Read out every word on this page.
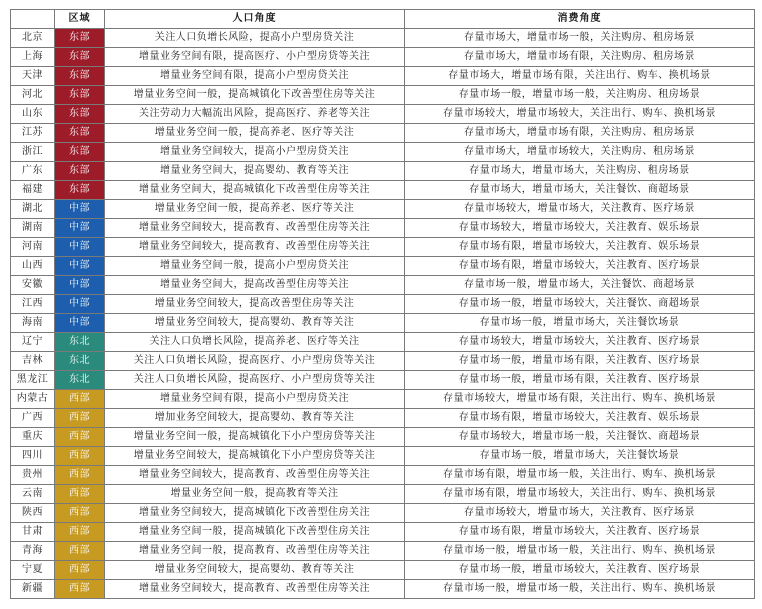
	区域	人口角度	消费角度
北京	东部	关注人口负增长风险，提高小户型房贷关注	存量市场大，增量市场一般，关注购房、租房场景
上海	东部	增量业务空间有限，提高医疗、小户型房贷等关注	存量市场大，增量市场有限，关注购房、租房场景
天津	东部	增量业务空间有限，提高小户型房贷关注	存量市场大，增量市场有限，关注出行、购车、换机场景
河北	东部	增量业务空间一般，提高城镇化下改善型住房等关注	存量市场一般，增量市场一般，关注购房、租房场景
山东	东部	关注劳动力大幅流出风险，提高医疗、养老等关注	存量市场较大，增量市场较大，关注出行、购车、换机场景
江苏	东部	增量业务空间一般，提高养老、医疗等关注	存量市场大，增量市场有限，关注购房、租房场景
浙江	东部	增量业务空间较大，提高小户型房贷关注	存量市场大，增量市场较大，关注购房、租房场景
广东	东部	增量业务空间大，提高婴幼、教育等关注	存量市场大，增量市场大，关注购房、租房场景
福建	东部	增量业务空间大，提高城镇化下改善型住房等关注	存量市场大，增量市场大，关注餐饮、商超场景
湖北	中部	增量业务空间一般，提高养老、医疗等关注	存量市场较大，增量市场大，关注教育、医疗场景
湖南	中部	增量业务空间较大，提高教育、改善型住房等关注	存量市场较大，增量市场较大，关注教育、娱乐场景
河南	中部	增量业务空间较大，提高教育、改善型住房等关注	存量市场有限，增量市场较大，关注教育、娱乐场景
山西	中部	增量业务空间一般，提高小户型房贷关注	存量市场有限，增量市场较大，关注教育、医疗场景
安徽	中部	增量业务空间大，提高改善型住房等关注	存量市场一般，增量市场大，关注餐饮、商超场景
江西	中部	增量业务空间较大，提高改善型住房等关注	存量市场一般，增量市场较大，关注餐饮、商超场景
海南	中部	增量业务空间较大，提高婴幼、教育等关注	存量市场一般，增量市场大，关注餐饮场景
辽宁	东北	关注人口负增长风险，提高养老、医疗等关注	存量市场较大，增量市场较大，关注教育、医疗场景
吉林	东北	关注人口负增长风险，提高医疗、小户型房贷等关注	存量市场一般，增量市场有限，关注教育、医疗场景
黑龙江	东北	关注人口负增长风险，提高医疗、小户型房贷等关注	存量市场一般，增量市场有限，关注教育、医疗场景
内蒙古	西部	增量业务空间有限，提高小户型房贷关注	存量市场较大，增量市场有限，关注出行、购车、换机场景
广西	西部	增加业务空间较大，提高婴幼、教育等关注	存量市场有限，增量市场较大，关注教育、娱乐场景
重庆	西部	增量业务空间一般，提高城镇化下小户型房贷等关注	存量市场较大，增量市场一般，关注餐饮、商超场景
四川	西部	增量业务空间较大，提高城镇化下小户型房贷等关注	存量市场一般，增量市场大，关注餐饮场景
贵州	西部	增量业务空间较大，提高教育、改善型住房等关注	存量市场有限，增量市场一般，关注出行、购车、换机场景
云南	西部	增量业务空间一般，提高教育等关注	存量市场有限，增量市场较大，关注出行、购车、换机场景
陕西	西部	增量业务空间较大，提高城镇化下改善型住房关注	存量市场较大，增量市场大，关注教育、医疗场景
甘肃	西部	增量业务空间一般，提高城镇化下改善型住房关注	存量市场有限，增量市场较大，关注教育、医疗场景
青海	西部	增量业务空间一般，提高教育、改善型住房等关注	存量市场一般，增量市场一般，关注出行、购车、换机场景
宁夏	西部	增量业务空间较大，提高婴幼、教育等关注	存量市场一般，增量市场较大，关注教育、医疗场景
新疆	西部	增量业务空间较大，提高教育、改善型住房等关注	存量市场一般，增量市场一般，关注出行、购车、换机场景
